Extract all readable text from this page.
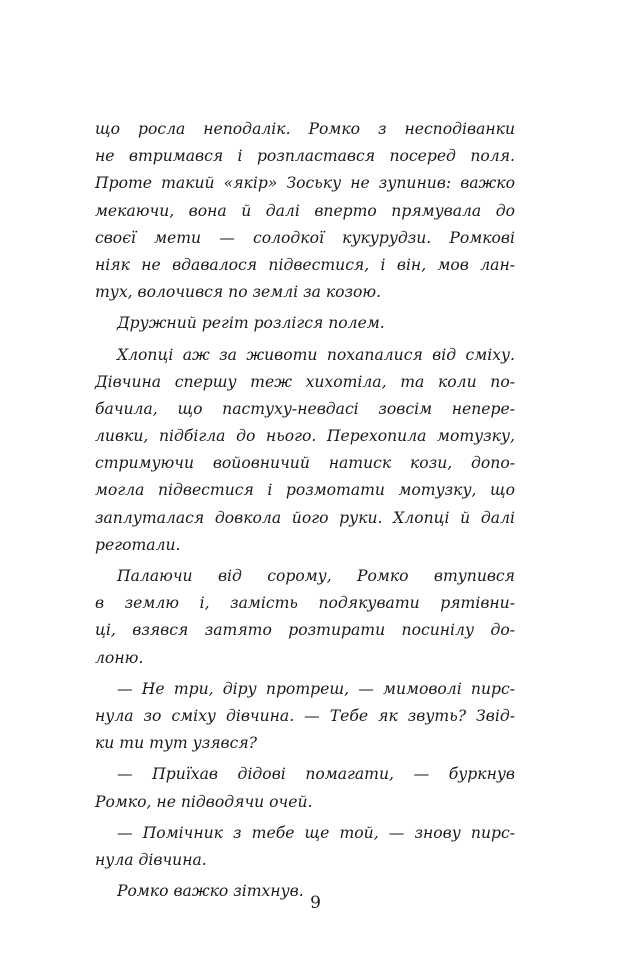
що росла неподалік. Ромко з несподіванки
не втримався і розпластався посеред поля.
Проте такий «якір» Зоську не зупинив: важко
мекаючи, вона й далі вперто прямувала до
своєї мети — солодкої кукурудзи. Ромкові
ніяк не вдавалося підвестися, і він, мов лан-
тух, волочився по землі за козою.
Дружний регіт розлігся полем.
Хлопці аж за животи похапалися від сміху.
Дівчина спершу теж хихотіла, та коли по-
бачила, що пастуху-невдасі зовсім непере-
ливки, підбігла до нього. Перехопила мотузку,
стримуючи войовничий натиск кози, допо-
могла підвестися і розмотати мотузку, що
заплуталася довкола його руки. Хлопці й далі
реготали.
Палаючи від сорому, Ромко втупився
в землю і, замість подякувати рятівни-
ці, взявся затято розтирати посинілу до-
лоню.
— Не три, діру протреш, — мимоволі пирс-
нула зо сміху дівчина. — Тебе як звуть? Звід-
ки ти тут узявся?
— Приїхав дідові помагати, — буркнув
Ромко, не підводячи очей.
— Помічник з тебе ще той, — знову пирс-
нула дівчина.
Ромко важко зітхнув.
9
